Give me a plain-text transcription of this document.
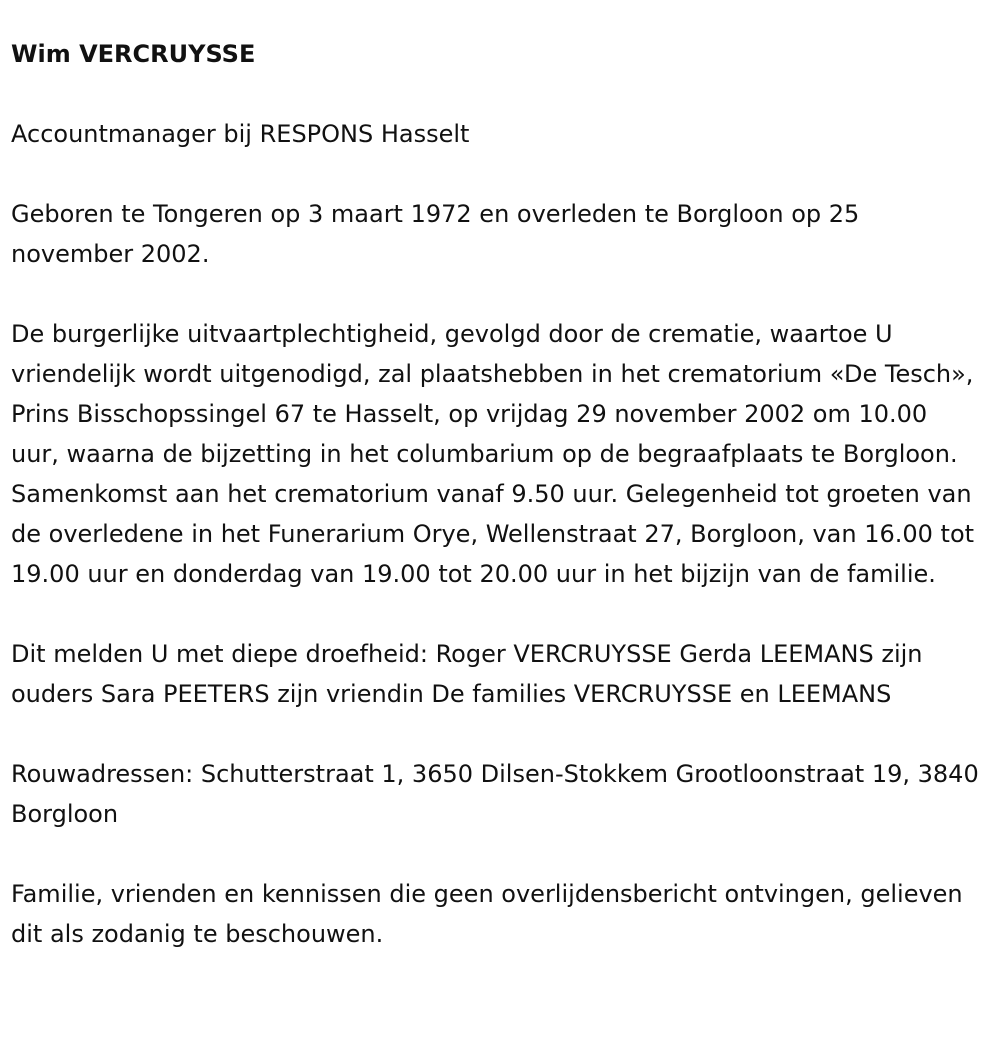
Wim VERCRUYSSE

Accountmanager bij RESPONS Hasselt

Geboren te Tongeren op 3 maart 1972 en overleden te Borgloon op 25 november 2002.

De burgerlijke uitvaartplechtigheid, gevolgd door de crematie, waartoe U vriendelijk wordt uitgenodigd, zal plaatshebben in het crematorium «De Tesch», Prins Bisschopssingel 67 te Hasselt, op vrijdag 29 november 2002 om 10.00 uur, waarna de bijzetting in het columbarium op de begraafplaats te Borgloon. Samenkomst aan het crematorium vanaf 9.50 uur. Gelegenheid tot groeten van de overledene in het Funerarium Orye, Wellenstraat 27, Borgloon, van 16.00 tot 19.00 uur en donderdag van 19.00 tot 20.00 uur in het bijzijn van de familie.

Dit melden U met diepe droefheid: Roger VERCRUYSSE Gerda LEEMANS zijn ouders Sara PEETERS zijn vriendin De families VERCRUYSSE en LEEMANS

Rouwadressen: Schutterstraat 1, 3650 Dilsen-Stokkem Grootloonstraat 19, 3840 Borgloon

Familie, vrienden en kennissen die geen overlijdensbericht ontvingen, gelieven dit als zodanig te beschouwen.
